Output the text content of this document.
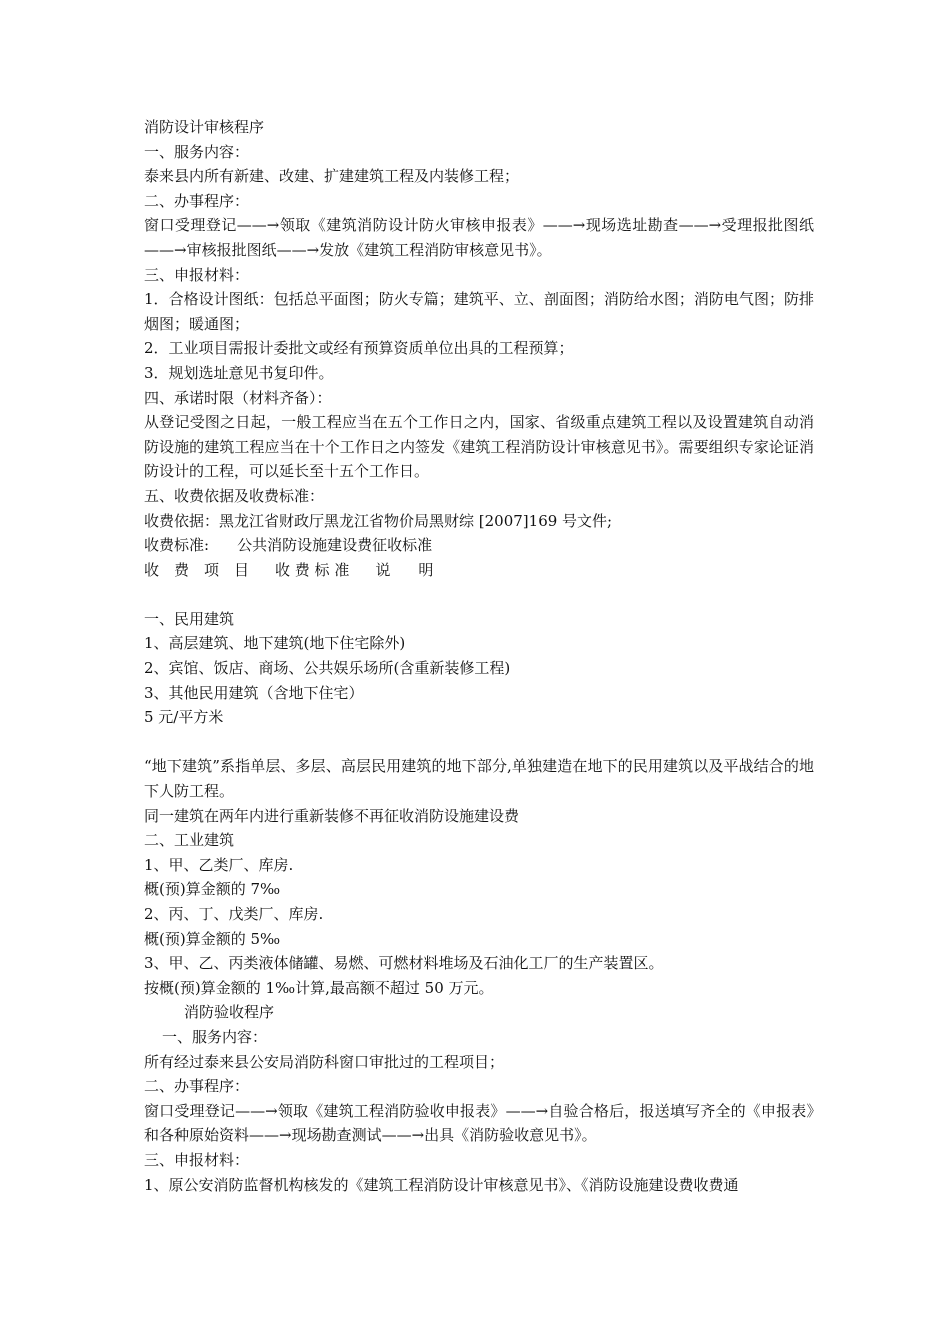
消防设计审核程序
一、服务内容：
泰来县内所有新建、改建、扩建建筑工程及内装修工程；
二、办事程序：
窗口受理登记——→领取《建筑消防设计防火审核申报表》——→现场选址勘查——→受理报批图纸——→审核报批图纸——→发放《建筑工程消防审核意见书》。
三、申报材料：
1．合格设计图纸：包括总平面图；防火专篇；建筑平、立、剖面图；消防给水图；消防电气图；防排烟图；暖通图；
2．工业项目需报计委批文或经有预算资质单位出具的工程预算；
3．规划选址意见书复印件。
四、承诺时限（材料齐备）：
从登记受图之日起，一般工程应当在五个工作日之内，国家、省级重点建筑工程以及设置建筑自动消防设施的建筑工程应当在十个工作日之内签发《建筑工程消防设计审核意见书》。需要组织专家论证消防设计的工程，可以延长至十五个工作日。
五、收费依据及收费标准：
收费依据：黑龙江省财政厅黑龙江省物价局黑财综 [2007]169 号文件;
收费标准: 公共消防设施建设费征收标准
收　费　项　目 收 费 标 准 说 明
一、民用建筑
1、高层建筑、地下建筑(地下住宅除外)
2、宾馆、饭店、商场、公共娱乐场所(含重新装修工程)
3、其他民用建筑（含地下住宅）
5 元/平方米
“地下建筑”系指单层、多层、高层民用建筑的地下部分,单独建造在地下的民用建筑以及平战结合的地下人防工程。
同一建筑在两年内进行重新装修不再征收消防设施建设费
二、工业建筑
1、甲、乙类厂、库房.
概(预)算金额的 7‰
2、丙、丁、戊类厂、库房.
概(预)算金额的 5‰
3、甲、乙、丙类液体储罐、易燃、可燃材料堆场及石油化工厂的生产装置区。
按概(预)算金额的 1‰计算,最高额不超过 50 万元。
消防验收程序
一、服务内容：
所有经过泰来县公安局消防科窗口审批过的工程项目；
二、办事程序：
窗口受理登记——→领取《建筑工程消防验收申报表》——→自验合格后，报送填写齐全的《申报表》和各种原始资料——→现场勘查测试——→出具《消防验收意见书》。
三、申报材料：
1、原公安消防监督机构核发的《建筑工程消防设计审核意见书》、《消防设施建设费收费通
